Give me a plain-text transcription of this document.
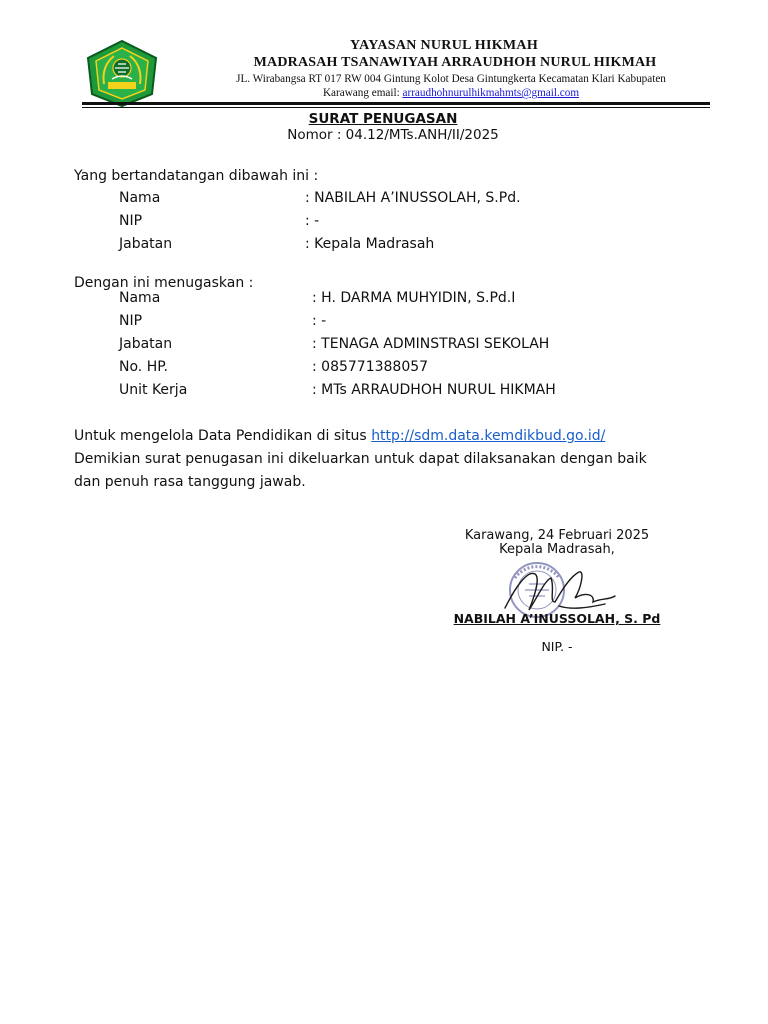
YAYASAN NURUL HIKMAH
MADRASAH TSANAWIYAH ARRAUDHOH NURUL HIKMAH
JL. Wirabangsa RT 017 RW 004 Gintung Kolot Desa Gintungkerta Kecamatan Klari Kabupaten
Karawang email: arraudhohnurulhikmahmts@gmail.com
SURAT PENUGASAN
Nomor : 04.12/MTs.ANH/II/2025
Yang bertandatangan dibawah ini :
Nama	: NABILAH A’INUSSOLAH, S.Pd.
NIP	: -
Jabatan	: Kepala Madrasah
Dengan ini menugaskan :
Nama	: H. DARMA MUHYIDIN, S.Pd.I
NIP	: -
Jabatan	: TENAGA ADMINSTRASI SEKOLAH
No. HP.	: 085771388057
Unit Kerja	: MTs ARRAUDHOH NURUL HIKMAH
Untuk mengelola Data Pendidikan di situs http://sdm.data.kemdikbud.go.id/
Demikian surat penugasan ini dikeluarkan untuk dapat dilaksanakan dengan baik
dan penuh rasa tanggung jawab.
Karawang, 24 Februari 2025
Kepala Madrasah,
NABILAH A’INUSSOLAH, S. Pd
NIP. -
